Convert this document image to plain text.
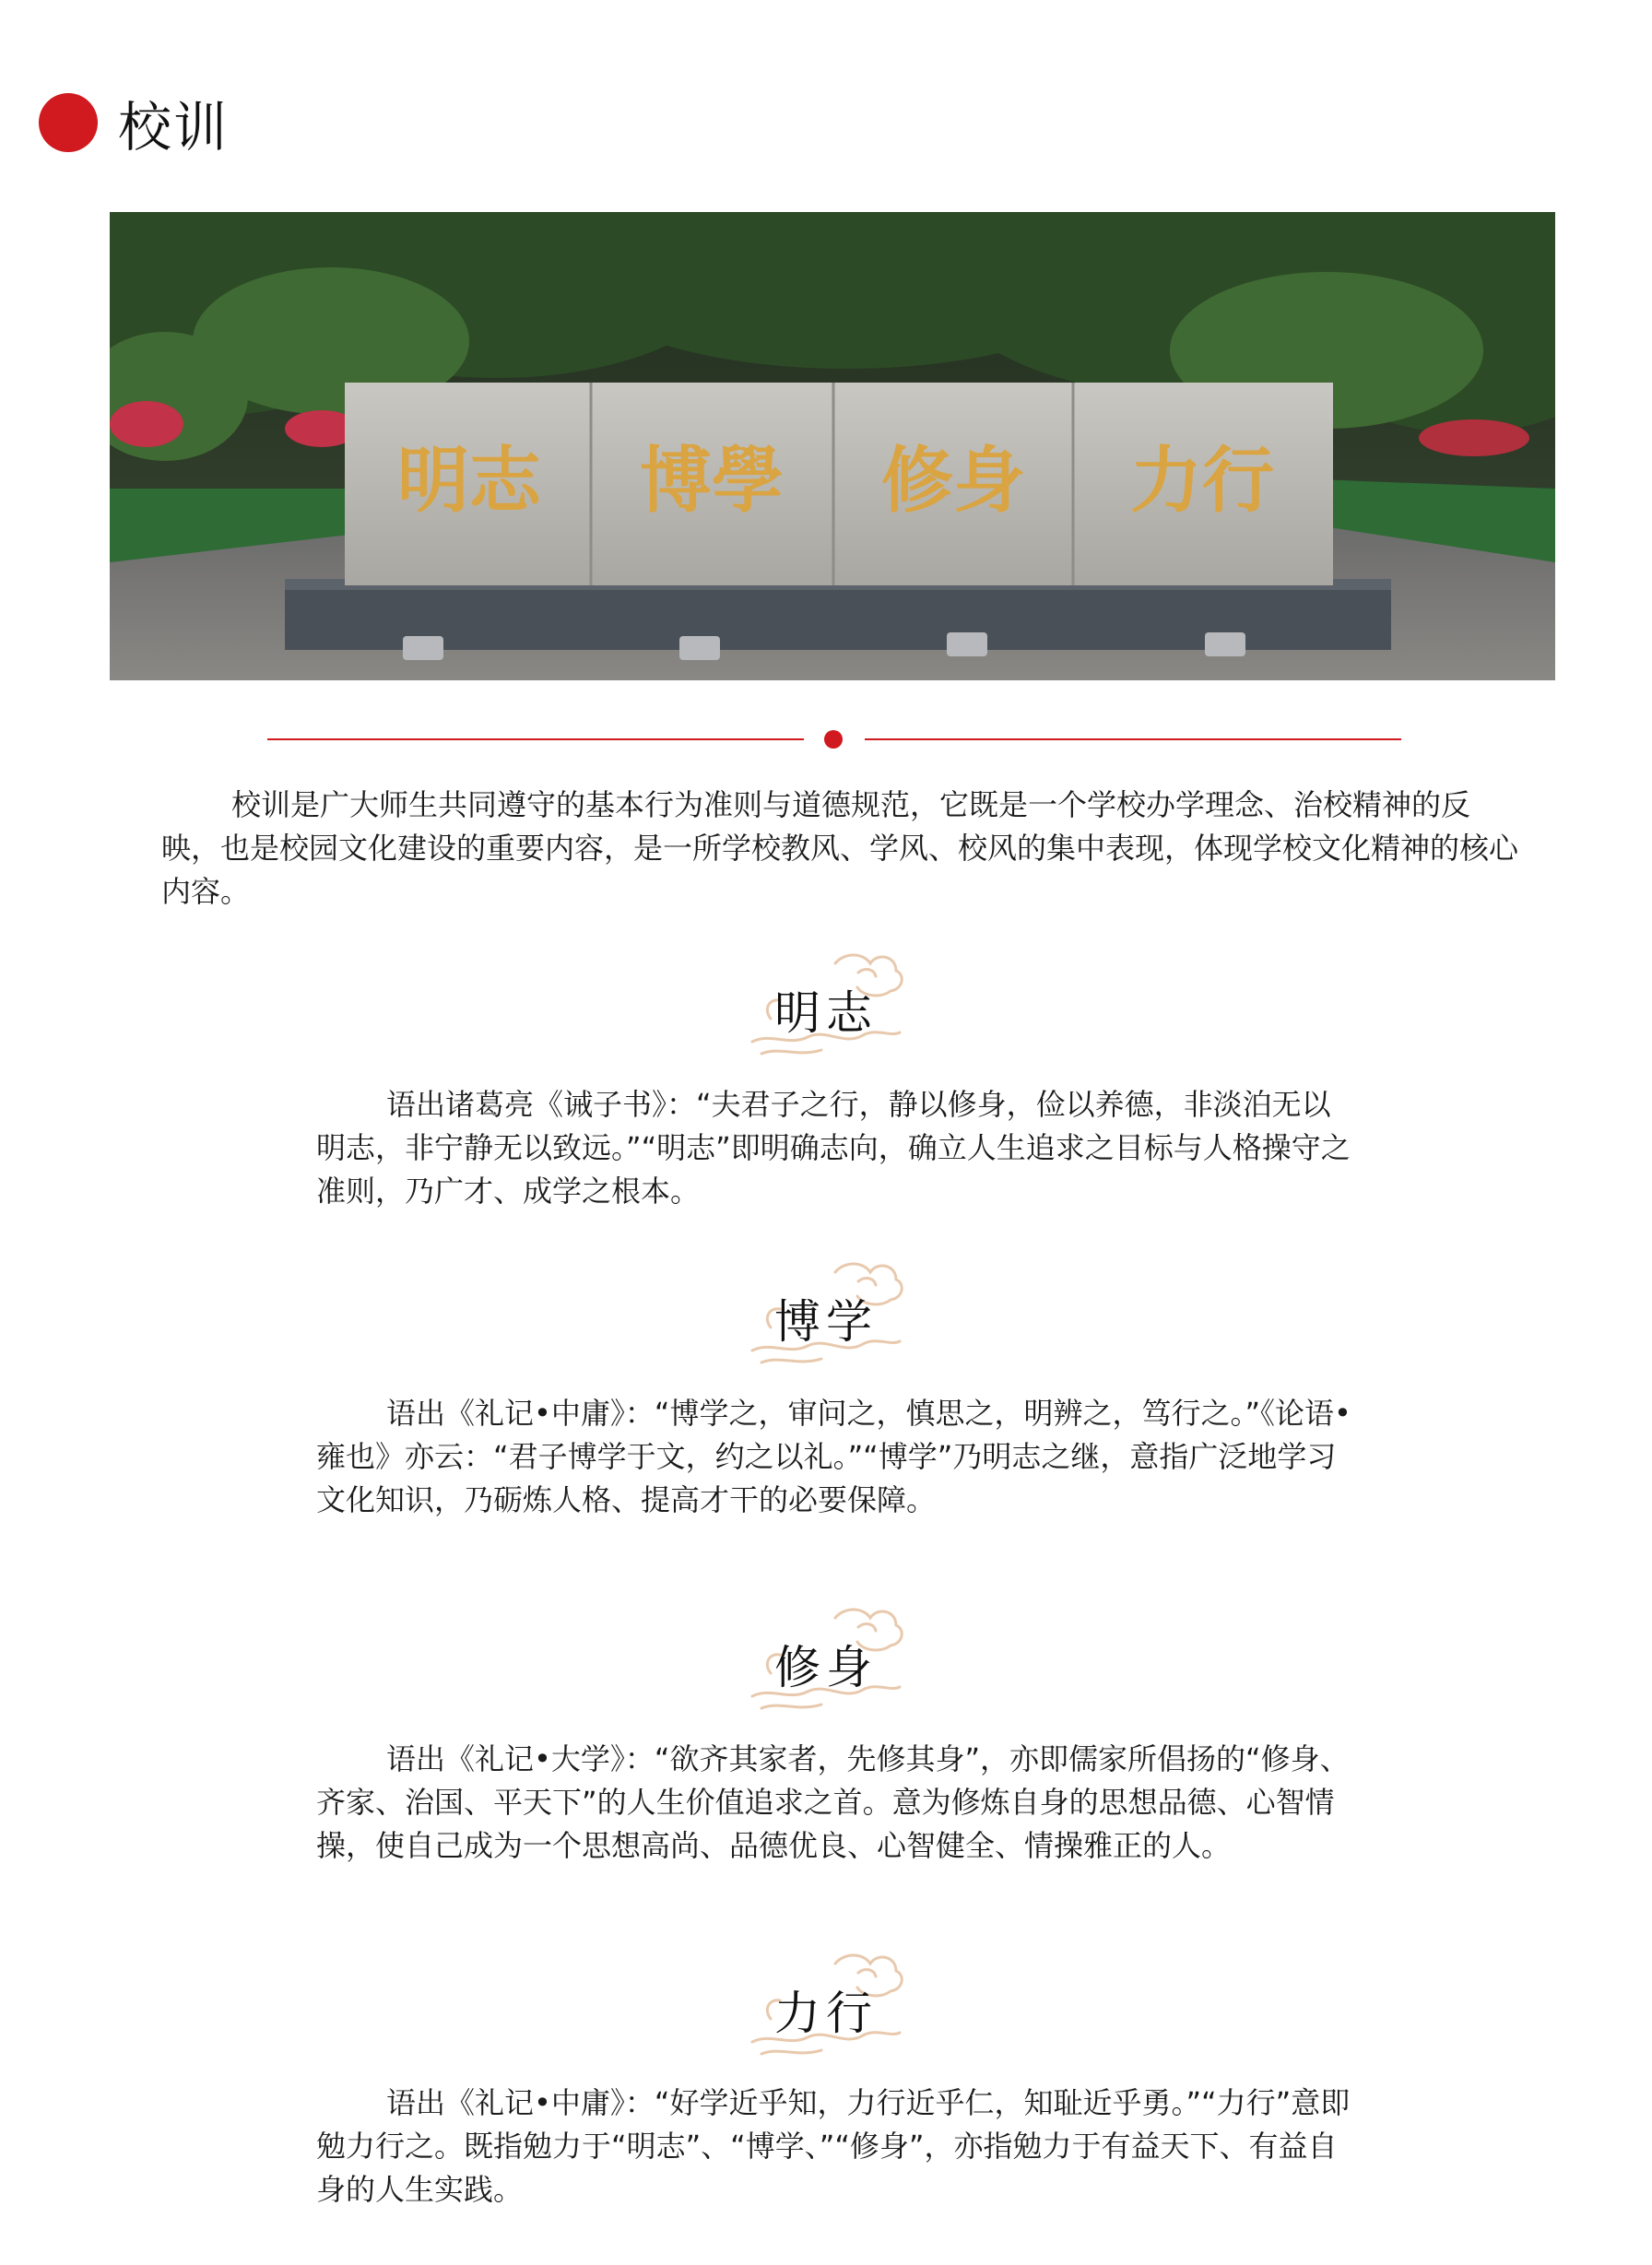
校训
明志 博學 修身 力行

校训是广大师生共同遵守的基本行为准则与道德规范，它既是一个学校办学理念、治校精神的反映，也是校园文化建设的重要内容，是一所学校教风、学风、校风的集中表现，体现学校文化精神的核心内容。

明志

语出诸葛亮《诫子书》：“夫君子之行，静以修身，俭以养德，非淡泊无以明志，非宁静无以致远。”“明志”即明确志向，确立人生追求之目标与人格操守之准则，乃广才、成学之根本。

博学

语出《礼记•中庸》：“博学之，审问之，慎思之，明辨之，笃行之。”《论语•雍也》亦云：“君子博学于文，约之以礼。”“博学”乃明志之继，意指广泛地学习文化知识，乃砺炼人格、提高才干的必要保障。

修身

语出《礼记•大学》：“欲齐其家者，先修其身”，亦即儒家所倡扬的“修身、齐家、治国、平天下”的人生价值追求之首。意为修炼自身的思想品德、心智情操，使自己成为一个思想高尚、品德优良、心智健全、情操雅正的人。

力行

语出《礼记•中庸》：“好学近乎知，力行近乎仁，知耻近乎勇。”“力行”意即勉力行之。既指勉力于“明志”、“博学、”“修身”，亦指勉力于有益天下、有益自身的人生实践。
